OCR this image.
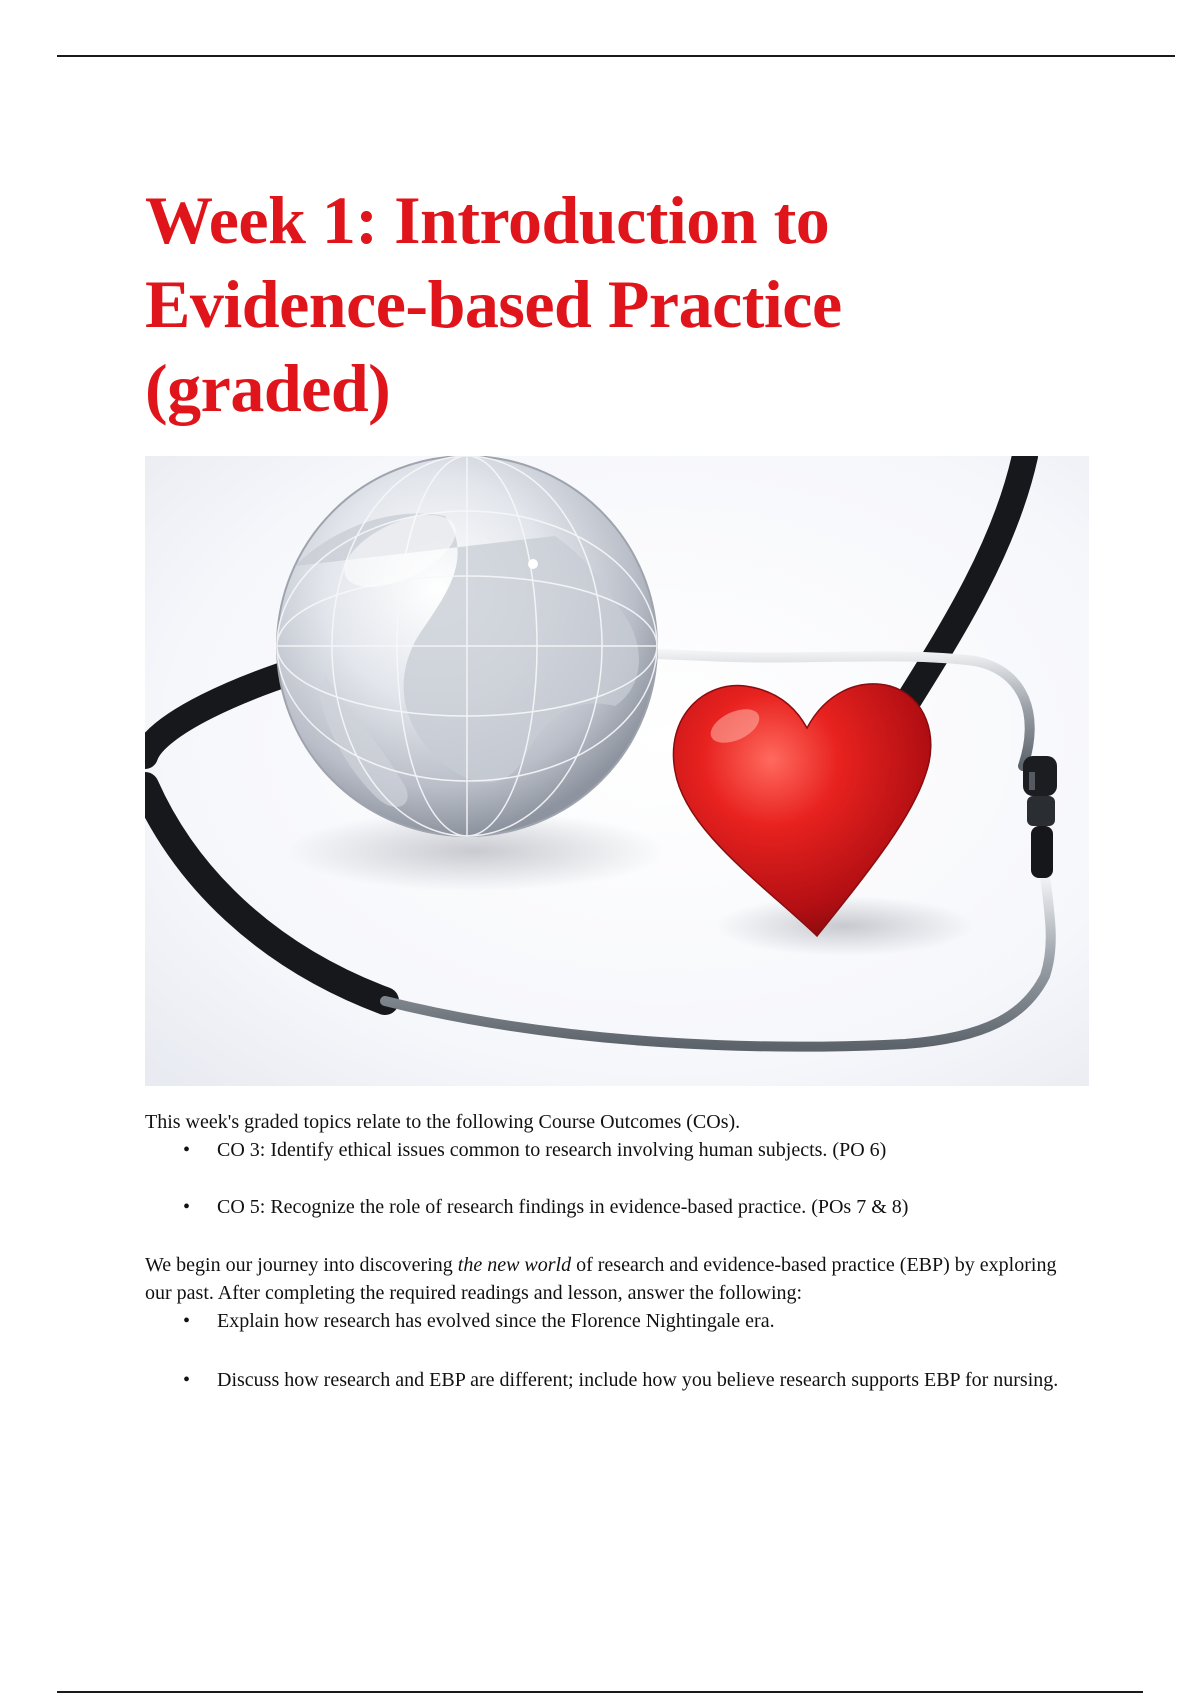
Week 1: Introduction to
Evidence-based Practice
(graded)

This week's graded topics relate to the following Course Outcomes (COs).

• CO 3: Identify ethical issues common to research involving human subjects. (PO 6)
• CO 5: Recognize the role of research findings in evidence-based practice. (POs 7 & 8)

We begin our journey into discovering the new world of research and evidence-based practice (EBP) by exploring our past. After completing the required readings and lesson, answer the following:

• Explain how research has evolved since the Florence Nightingale era.
• Discuss how research and EBP are different; include how you believe research supports EBP for nursing.
